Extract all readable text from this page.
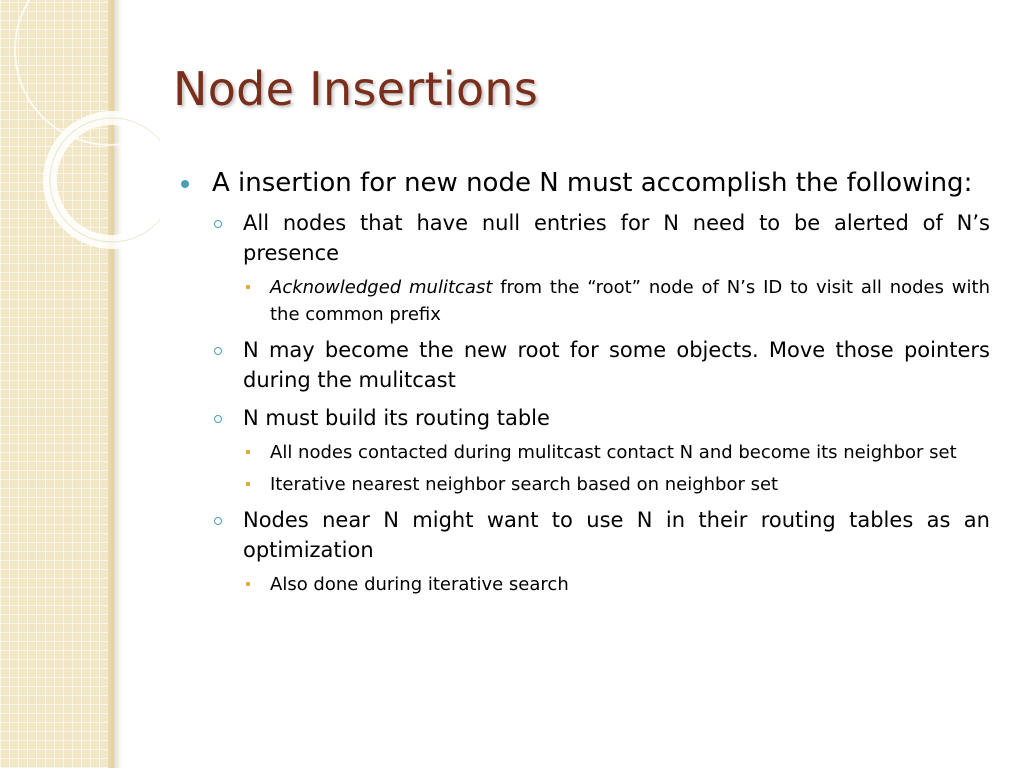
Node Insertions
A insertion for new node N must accomplish the following:
All nodes that have null entries for N need to be alerted of N’s presence
Acknowledged mulitcast from the “root” node of N’s ID to visit all nodes with the common prefix
N may become the new root for some objects. Move those pointers during the mulitcast
N must build its routing table
All nodes contacted during mulitcast contact N and become its neighbor set
Iterative nearest neighbor search based on neighbor set
Nodes near N might want to use N in their routing tables as an optimization
Also done during iterative search
